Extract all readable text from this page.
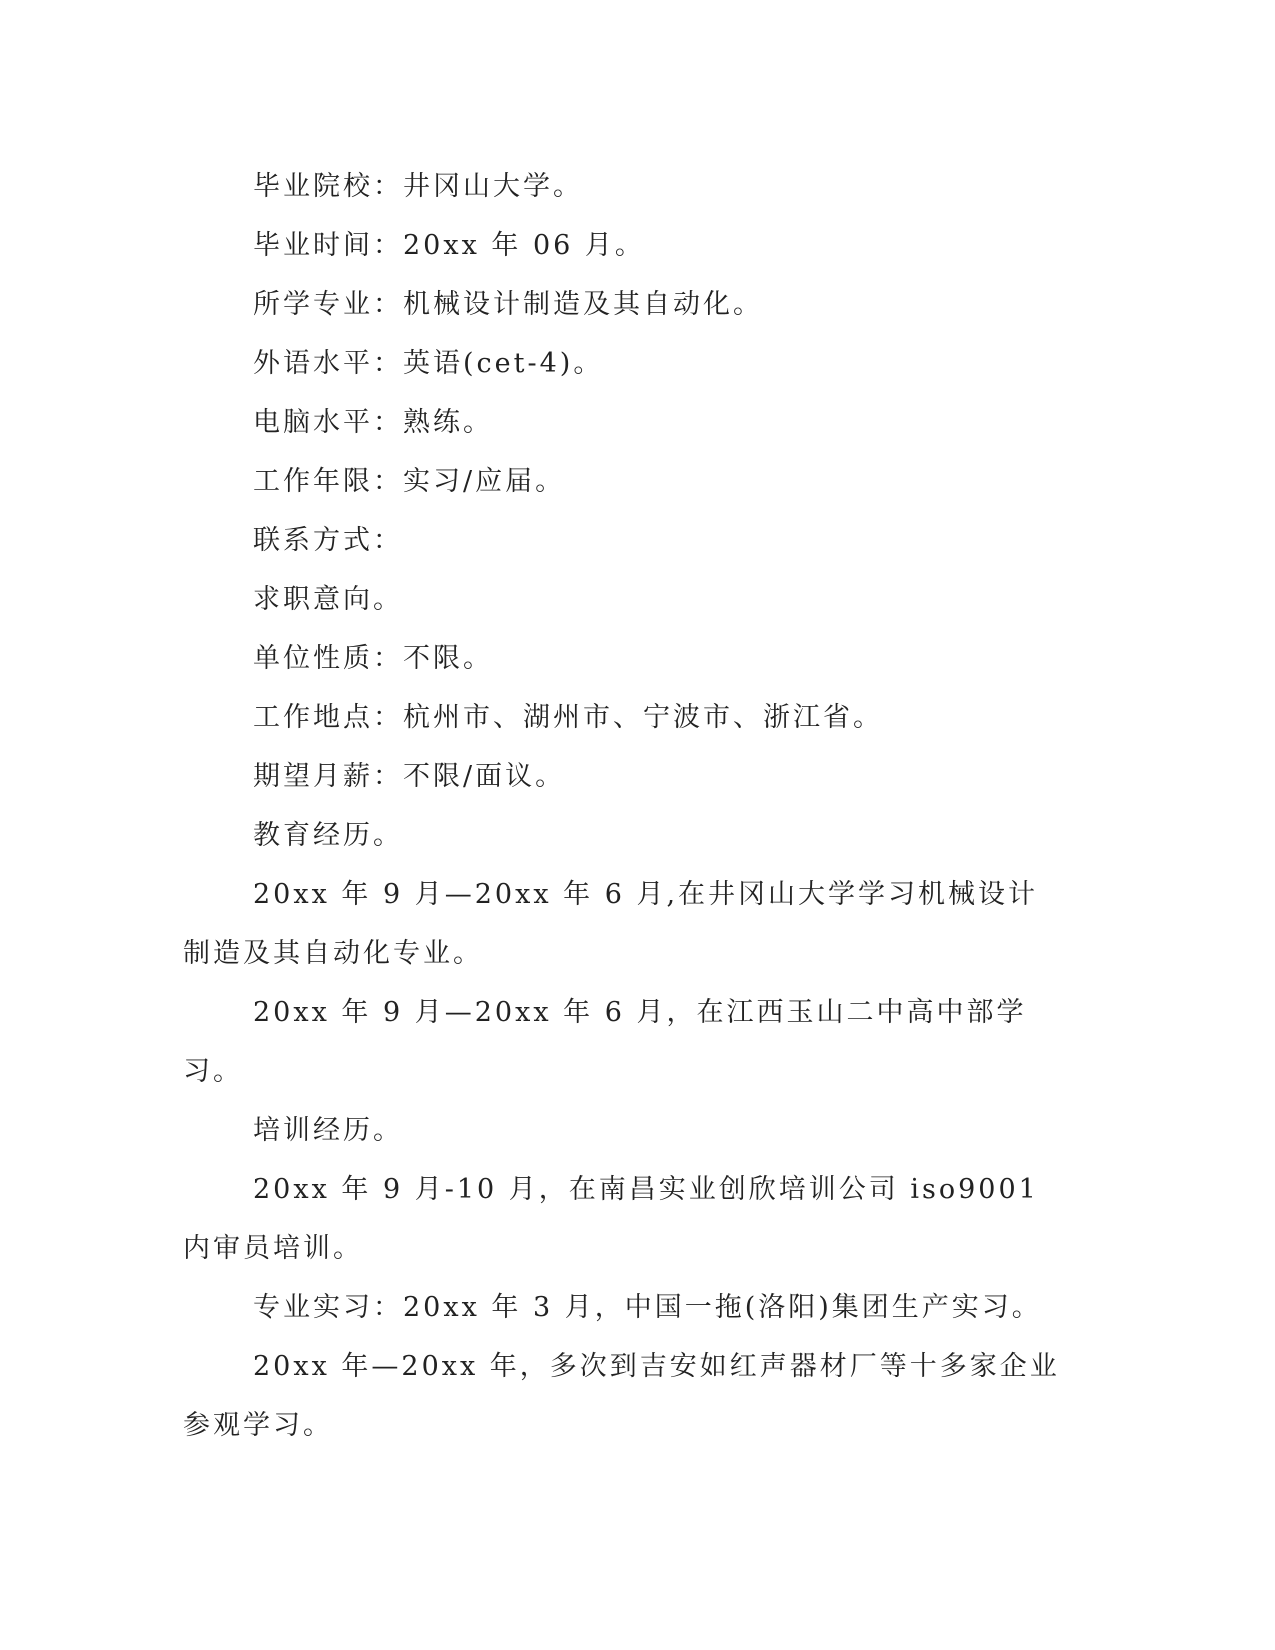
毕业院校：井冈山大学。

毕业时间：20xx 年 06 月。

所学专业：机械设计制造及其自动化。

外语水平：英语(cet-4)。

电脑水平：熟练。

工作年限：实习/应届。

联系方式：

求职意向。

单位性质：不限。

工作地点：杭州市、湖州市、宁波市、浙江省。

期望月薪：不限/面议。

教育经历。

20xx 年 9 月—20xx 年 6 月,在井冈山大学学习机械设计制造及其自动化专业。

20xx 年 9 月—20xx 年 6 月，在江西玉山二中高中部学习。

培训经历。

20xx 年 9 月-10 月，在南昌实业创欣培训公司 iso9001 内审员培训。

专业实习：20xx 年 3 月，中国一拖(洛阳)集团生产实习。

20xx 年—20xx 年，多次到吉安如红声器材厂等十多家企业参观学习。
